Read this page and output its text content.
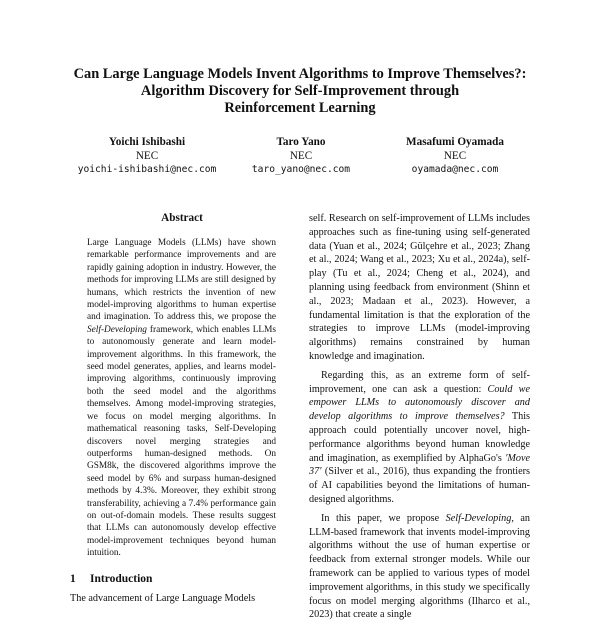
Can Large Language Models Invent Algorithms to Improve Themselves?:
Algorithm Discovery for Self-Improvement through
Reinforcement Learning
Yoichi Ishibashi
NEC
yoichi-ishibashi@nec.com
Taro Yano
NEC
taro_yano@nec.com
Masafumi Oyamada
NEC
oyamada@nec.com
Abstract

Large Language Models (LLMs) have shown remarkable performance improvements and are rapidly gaining adoption in industry. However, the methods for improving LLMs are still designed by humans, which restricts the invention of new model-improving algorithms to human expertise and imagination. To address this, we propose the Self-Developing framework, which enables LLMs to autonomously generate and learn model-improvement algorithms. In this framework, the seed model generates, applies, and learns model-improving algorithms, continuously improving both the seed model and the algorithms themselves. Among model-improving strategies, we focus on model merging algorithms. In mathematical reasoning tasks, Self-Developing discovers novel merging strategies and outperforms human-designed methods. On GSM8k, the discovered algorithms improve the seed model by 6% and surpass human-designed methods by 4.3%. Moreover, they exhibit strong transferability, achieving a 7.4% performance gain on out-of-domain models. These results suggest that LLMs can autonomously develop effective model-improvement techniques beyond human intuition.

1 Introduction

The advancement of Large Language Models

self. Research on self-improvement of LLMs includes approaches such as fine-tuning using self-generated data (Yuan et al., 2024; Gülçehre et al., 2023; Zhang et al., 2024; Wang et al., 2023; Xu et al., 2024a), self-play (Tu et al., 2024; Cheng et al., 2024), and planning using feedback from environment (Shinn et al., 2023; Madaan et al., 2023). However, a fundamental limitation is that the exploration of the strategies to improve LLMs (model-improving algorithms) remains constrained by human knowledge and imagination.

Regarding this, as an extreme form of self-improvement, one can ask a question: Could we empower LLMs to autonomously discover and develop algorithms to improve themselves? This approach could potentially uncover novel, high-performance algorithms beyond human knowledge and imagination, as exemplified by AlphaGo's 'Move 37' (Silver et al., 2016), thus expanding the frontiers of AI capabilities beyond the limitations of human-designed algorithms.

In this paper, we propose Self-Developing, an LLM-based framework that invents model-improving algorithms without the use of human expertise or feedback from external stronger models. While our framework can be applied to various types of model improvement algorithms, in this study we specifically focus on model merging algorithms (Ilharco et al., 2023) that create a single
